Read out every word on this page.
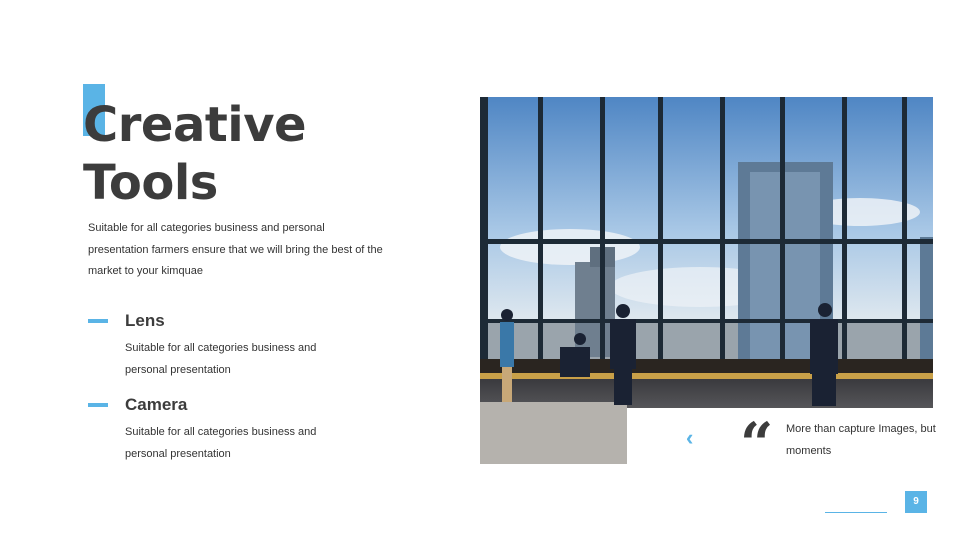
Creative
Tools

Suitable for all categories business and personal presentation farmers ensure that we will bring the best of the market to your kimquae

Lens
Suitable for all categories business and personal presentation
Camera
Suitable for all categories business and personal presentation
‹ “ More than capture Images, but moments
9
